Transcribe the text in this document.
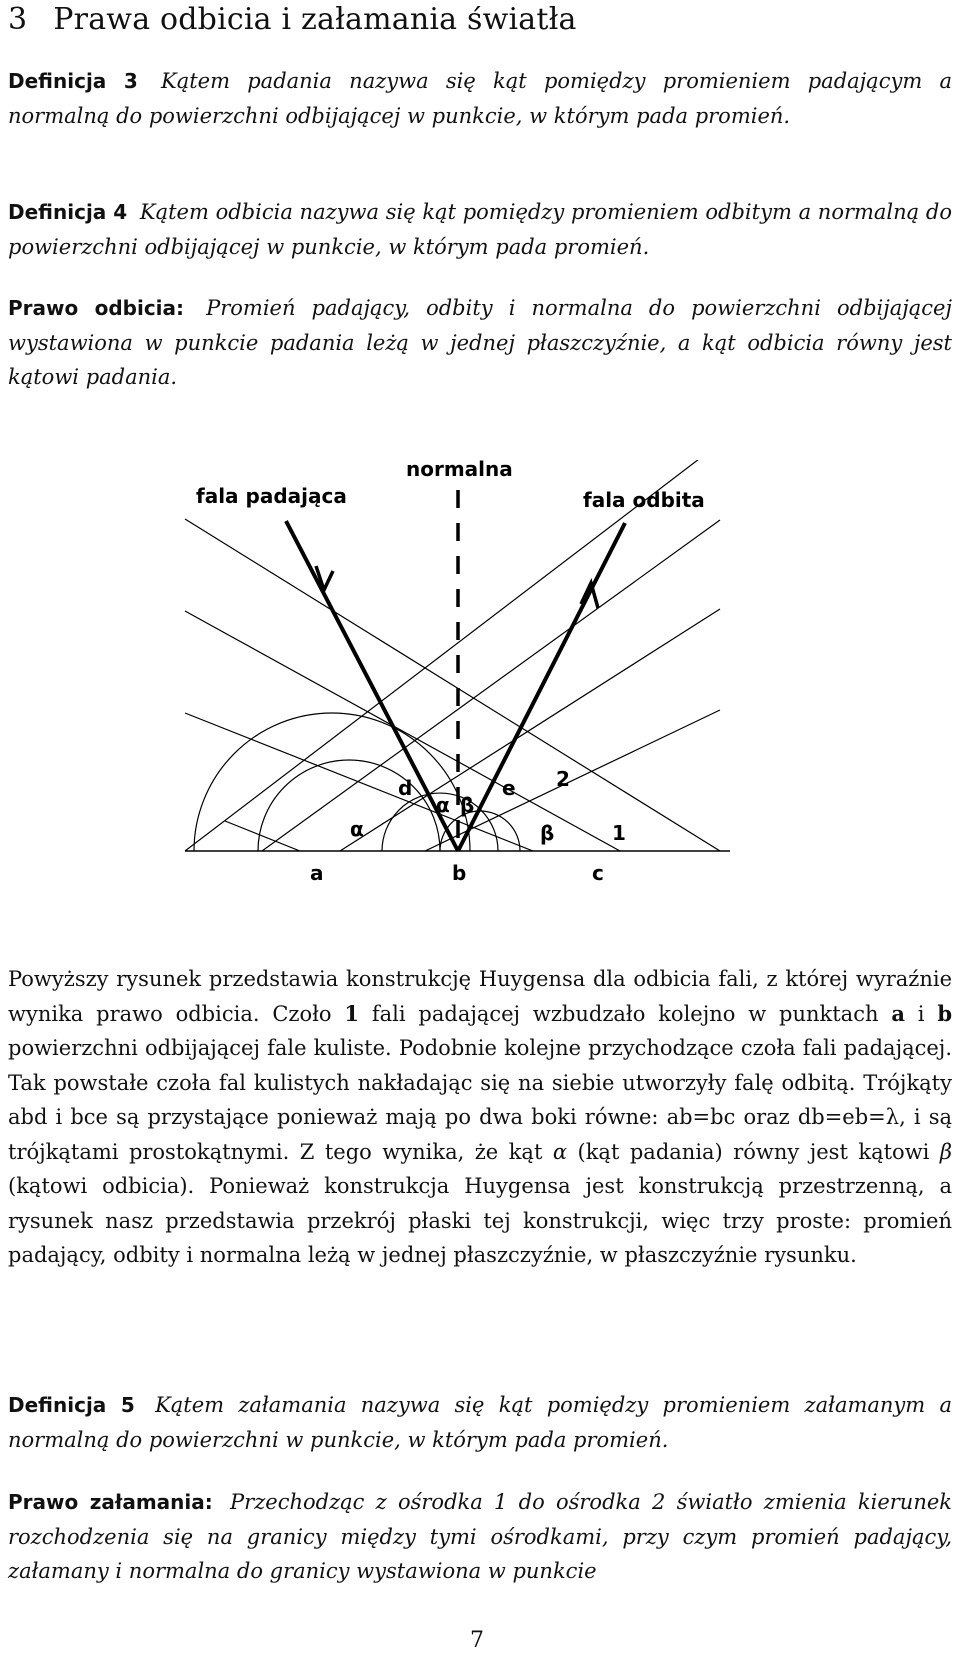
3 Prawa odbicia i załamania światła

Definicja 3 Kątem padania nazywa się kąt pomiędzy promieniem padającym a normalną do powierzchni odbijającej w punkcie, w którym pada promień.

Definicja 4 Kątem odbicia nazywa się kąt pomiędzy promieniem odbitym a normalną do powierzchni odbijającej w punkcie, w którym pada promień.

Prawo odbicia: Promień padający, odbity i normalna do powierzchni odbijającej wystawiona w punkcie padania leżą w jednej płaszczyźnie, a kąt odbicia równy jest kątowi padania.

fala padająca
normalna
fala odbita
a	b	c
d	e 2
1
α
α β
β

Powyższy rysunek przedstawia konstrukcję Huygensa dla odbicia fali, z której wyraźnie wynika prawo odbicia. Czoło 1 fali padającej wzbudzało kolejno w punktach a i b powierzchni odbijającej fale kuliste. Podobnie kolejne przychodzące czoła fali padającej. Tak powstałe czoła fal kulistych nakładając się na siebie utworzyły falę odbitą. Trójkąty abd i bce są przystające ponieważ mają po dwa boki równe: ab=bc oraz db=eb=λ, i są trójkątami prostokątnymi. Z tego wynika, że kąt α (kąt padania) równy jest kątowi β (kątowi odbicia). Ponieważ konstrukcja Huygensa jest konstrukcją przestrzenną, a rysunek nasz przedstawia przekrój płaski tej konstrukcji, więc trzy proste: promień padający, odbity i normalna leżą w jednej płaszczyźnie, w płaszczyźnie rysunku.

Definicja 5 Kątem załamania nazywa się kąt pomiędzy promieniem załamanym a normalną do powierzchni w punkcie, w którym pada promień.

Prawo załamania: Przechodząc z ośrodka 1 do ośrodka 2 światło zmienia kierunek rozchodzenia się na granicy między tymi ośrodkami, przy czym promień padający, załamany i normalna do granicy wystawiona w punkcie

7
